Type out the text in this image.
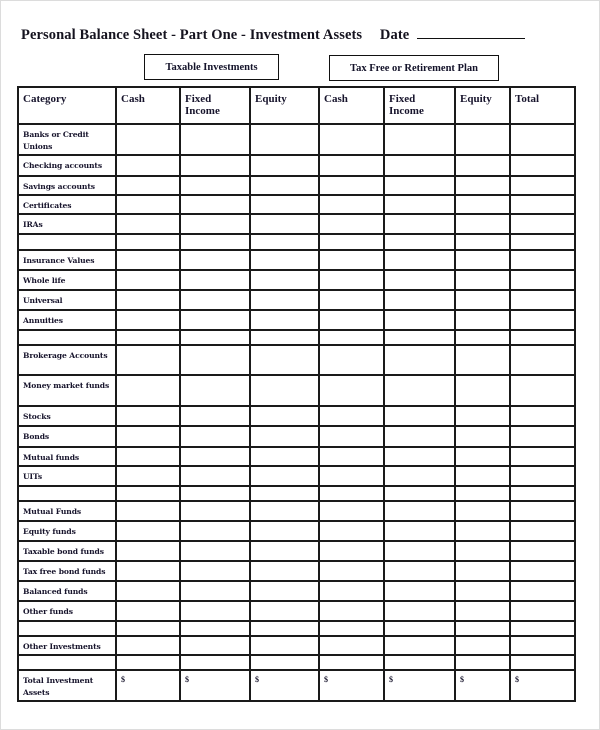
Personal Balance Sheet - Part One - Investment Assets Date
Taxable Investments	Tax Free or Retirement Plan
Category	Cash	Fixed Income	Equity	Cash	Fixed Income	Equity	Total
Banks or Credit Unions							
Checking accounts							
Savings accounts							
Certificates							
IRAs							

Insurance Values							
Whole life							
Universal							
Annuities							

Brokerage Accounts							
Money market funds							
Stocks							
Bonds							
Mutual funds							
UITs							

Mutual Funds							
Equity funds							
Taxable bond funds							
Tax free bond funds							
Balanced funds							
Other funds							

Other Investments							

Total Investment Assets	$	$	$	$	$	$	$
